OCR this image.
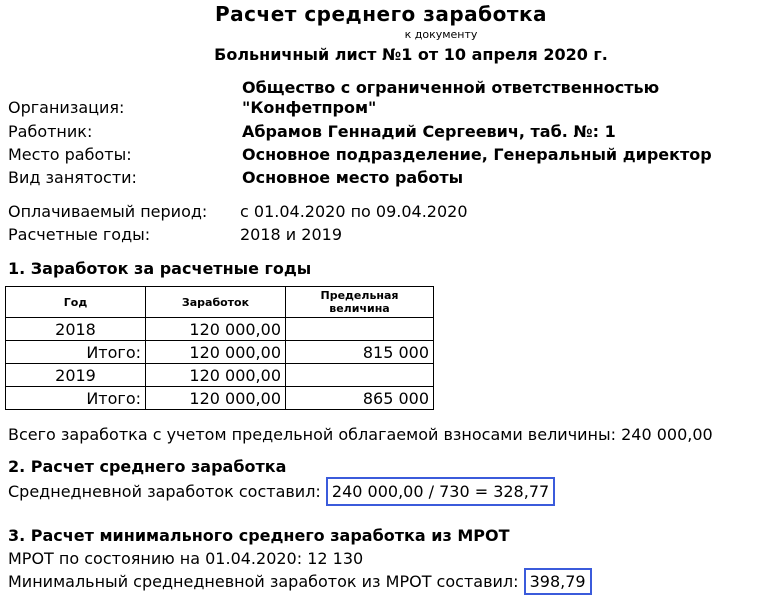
Расчет среднего заработка
к документу
Больничный лист №1 от 10 апреля 2020 г.
Общество с ограниченной ответственностью
Организация:	"Конфетпром"
Работник:	Абрамов Геннадий Сергеевич, таб. №: 1
Место работы:	Основное подразделение, Генеральный директор
Вид занятости:	Основное место работы
Оплачиваемый период: с 01.04.2020 по 09.04.2020
Расчетные годы:	2018 и 2019
1. Заработок за расчетные годы
Год	Заработок	Предельная величина
2018	120 000,00	
Итого:	120 000,00	815 000
2019	120 000,00	
Итого:	120 000,00	865 000
Всего заработка с учетом предельной облагаемой взносами величины: 240 000,00
2. Расчет среднего заработка
Среднедневной заработок составил: 240 000,00 / 730 = 328,77
3. Расчет минимального среднего заработка из МРОТ
МРОТ по состоянию на 01.04.2020: 12 130
Минимальный среднедневной заработок из МРОТ составил: 398,79
